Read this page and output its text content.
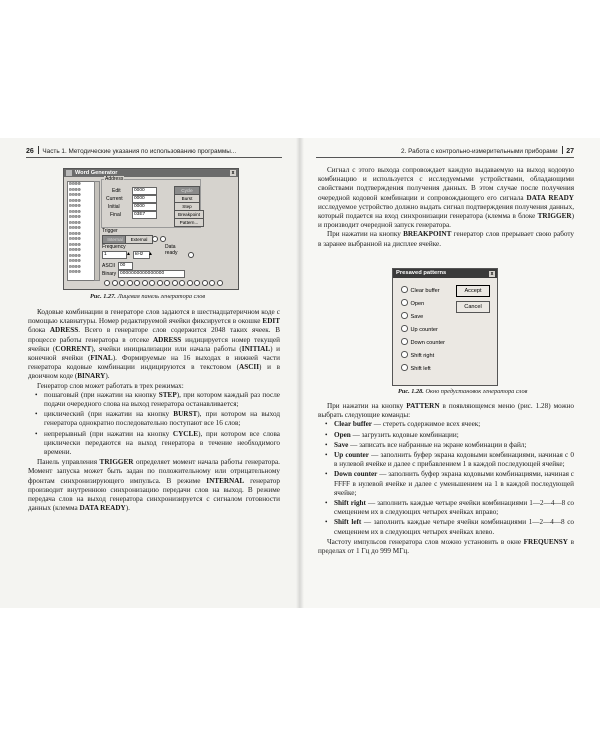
26 Часть 1. Методические указания по использованию программы...
Word Generator	x
0000
0000
0000
0000
0000
0000
0000
0000
0000
0000
0000
0000
0000
0000
0000
0000
0000
Address
Edit	0000
Current	0000
Initial	0000
Final	03E7
Cycle
Burst
Step
Breakpoint
Pattern...
Trigger
Internal	External
Frequency
1	▲ kHz ▲
Data ready
ASCII	00
Binary 0000000000000000
Рис. 1.27. Лицевая панель генератора слов

Кодовые комбинации в генераторе слов задаются в шестнадцатеричном коде с помощью клавиатуры. Номер редактируемой ячейки фиксируется в окошке EDIT блока ADRESS. Всего в генераторе слов содержится 2048 таких ячеек. В процессе работы генератора в отсеке ADRESS индицируется номер текущей ячейки (CORRENT), ячейки инициализации или начала работы (INITIAL) и конечной ячейки (FINAL). Формируемые на 16 выходах в нижней части генератора кодовые комбинации индицируются в текстовом (ASCII) и в двоичном коде (BINARY).

Генератор слов может работать в трех режимах:

• пошаговый (при нажатии на кнопку STEP), при котором каждый раз после подачи очередного слова на выход генератора останавливается;
• циклический (при нажатии на кнопку BURST), при котором на выход генератора однократно последовательно поступают все 16 слов;
• непрерывный (при нажатии на кнопку CYCLE), при котором все слова циклически передаются на выход генератора в течение необходимого времени.

Панель управления TRIGGER определяет момент начала работы генератора. Момент запуска может быть задан по положительному или отрицательному фронтам синхронизирующего импульса. В режиме INTERNAL генератор производит внутреннюю синхронизацию передачи слов на выход. В режиме передача слов на выход генератора синхронизируется с сигналом готовности данных (клемма DATA READY).

2. Работа с контрольно-измерительными приборами 27

Сигнал с этого выхода сопровождает каждую выдаваемую на выход кодовую комбинацию и используется с исследуемыми устройствами, обладающими свойствами подтверждения получения данных. В этом случае после получения очередной кодовой комбинации и сопровождающего его сигнала DATA READY исследуемое устройство должно выдать сигнал подтверждения получения данных, который подается на вход синхронизации генератора (клемма в блоке TRIGGER) и производит очередной запуск генератора.

При нажатии на кнопку BREAKPOINT генератор слов прерывает свою работу в заранее выбранной на дисплее ячейке.

Presaved patterns	x
Clear buffer
Open
Save
Up counter
Down counter
Shift right
Shift left
Accept
Cancel
Рис. 1.28. Окно предустановок генератора слов

При нажатии на кнопку PATTERN в появляющемся меню (рис. 1.28) можно выбрать следующие команды:

• Clear buffer — стереть содержимое всех ячеек;
• Open — загрузить кодовые комбинации;
• Save — записать все набранные на экране комбинации в файл;
• Up counter — заполнить буфер экрана кодовыми комбинациями, начиная с 0 в нулевой ячейке и далее с прибавлением 1 в каждой последующей ячейке;
• Down counter — заполнить буфер экрана кодовыми комбинациями, начиная с FFFF в нулевой ячейке и далее с уменьшением на 1 в каждой последующей ячейке;
• Shift right — заполнить каждые четыре ячейки комбинациями 1—2—4—8 со смещением их в следующих четырех ячейках вправо;
• Shift left — заполнить каждые четыре ячейки комбинациями 1—2—4—8 со смещением их в следующих четырех ячейках влево.

Частоту импульсов генератора слов можно установить в окне FREQUENSY в пределах от 1 Гц до 999 МГц.
